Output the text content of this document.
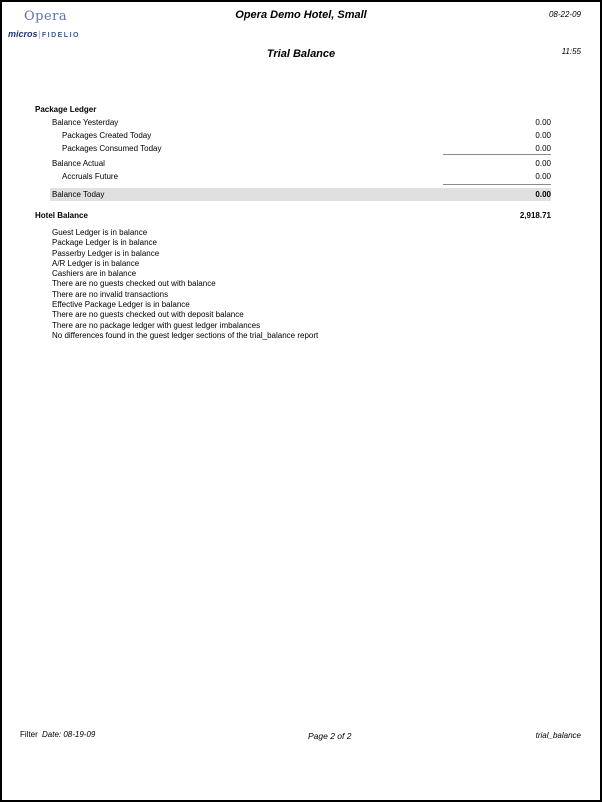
Opera
micros|FIDELIO
Opera Demo Hotel, Small	08-22-09
Trial Balance	11:55
Package Ledger
Balance Yesterday	0.00
Packages Created Today	0.00
Packages Consumed Today	0.00
Balance Actual	0.00
Accruals Future	0.00
Balance Today	0.00
Hotel Balance	2,918.71
Guest Ledger is in balance
Package Ledger is in balance
Passerby Ledger is in balance
A/R Ledger is in balance
Cashiers are in balance
There are no guests checked out with balance
There are no invalid transactions
Effective Package Ledger is in balance
There are no guests checked out with deposit balance
There are no package ledger with guest ledger imbalances
No differences found in the guest ledger sections of the trial_balance report
Filter Date: 08-19-09	Page 2 of 2	trial_balance
